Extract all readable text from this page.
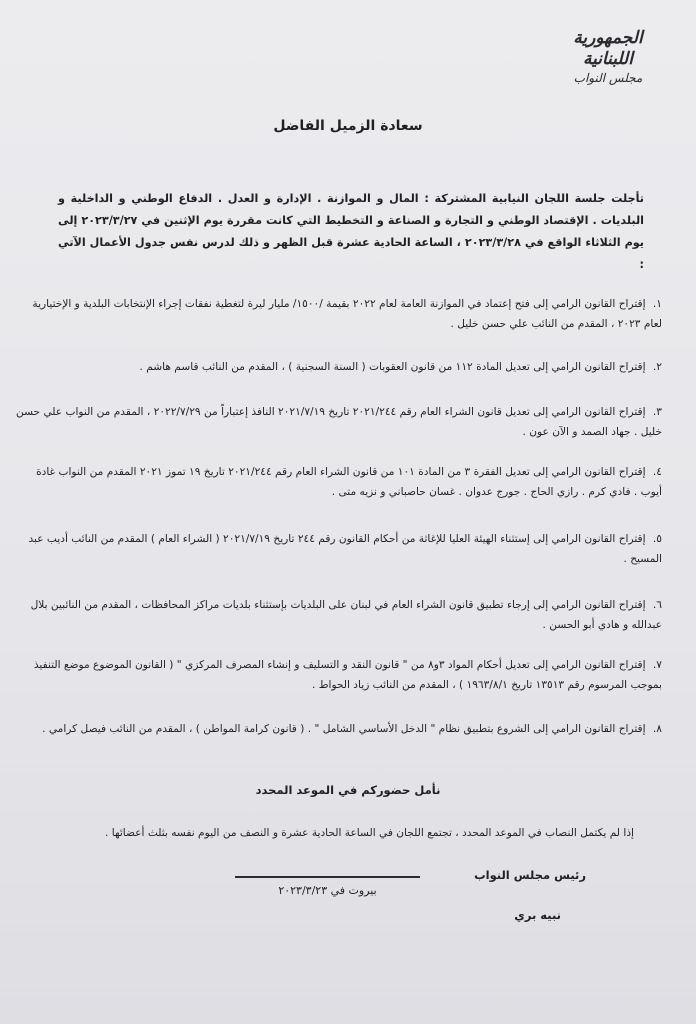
الجمهورية اللبنانية
مجلس النواب
سعادة الزميل الفاضل
تأجلت جلسة اللجان النيابية المشتركة : المال و الموازنة . الإدارة و العدل . الدفاع الوطني و الداخلية و البلديات . الإقتصاد الوطني و التجارة و الصناعة و التخطيط التي كانت مقررة يوم الإثنين في ٢٠٢٣/٣/٢٧ إلى يوم الثلاثاء الواقع في ٢٠٢٣/٣/٢٨ ، الساعة الحادية عشرة قبل الظهر و ذلك لدرس نفس جدول الأعمال الآتي :
١. إقتراح القانون الرامي إلى فتح إعتماد في الموازنة العامة لعام ٢٠٢٢ بقيمة /١٥٠٠/ مليار ليرة لتغطية نفقات إجراء الإنتخابات البلدية و الإختيارية لعام ٢٠٢٣ ، المقدم من النائب علي حسن خليل .
٢. إقتراح القانون الرامي إلى تعديل المادة ١١٢ من قانون العقوبات ( السنة السجنية ) ، المقدم من النائب قاسم هاشم .
٣. إقتراح القانون الرامي إلى تعديل قانون الشراء العام رقم ٢٠٢١/٢٤٤ تاريخ ٢٠٢١/٧/١٩ النافذ إعتباراً من ٢٠٢٢/٧/٢٩ ، المقدم من النواب علي حسن خليل . جهاد الصمد و الآن عون .
٤. إقتراح القانون الرامي إلى تعديل الفقرة ٣ من المادة ١٠١ من قانون الشراء العام رقم ٢٠٢١/٢٤٤ تاريخ ١٩ تموز ٢٠٢١ المقدم من النواب غادة أيوب . فادي كرم . رازي الحاج . جورج عدوان . غسان حاصباني و نزيه متى .
٥. إقتراح القانون الرامي إلى إستثناء الهيئة العليا للإغاثة من أحكام القانون رقم ٢٤٤ تاريخ ٢٠٢١/٧/١٩ ( الشراء العام ) المقدم من النائب أديب عبد المسيح .
٦. إقتراح القانون الرامي إلى إرجاء تطبيق قانون الشراء العام في لبنان على البلديات بإستثناء بلديات مراكز المحافظات ، المقدم من النائبين بلال عبدالله و هادي أبو الحسن .
٧. إقتراح القانون الرامي إلى تعديل أحكام المواد ٣و٨ من " قانون النقد و التسليف و إنشاء المصرف المركزي " ( القانون الموضوع موضع التنفيذ بموجب المرسوم رقم ١٣٥١٣ تاريخ ١٩٦٣/٨/١ ) ، المقدم من النائب زياد الحواط .
٨. إقتراح القانون الرامي إلى الشروع بتطبيق نظام " الدخل الأساسي الشامل " . ( قانون كرامة المواطن ) ، المقدم من النائب فيصل كرامي .
نأمل حضوركم في الموعد المحدد
إذا لم يكتمل النصاب في الموعد المحدد ، تجتمع اللجان في الساعة الحادية عشرة و النصف من اليوم نفسه بثلث أعضائها .
رئيس مجلس النواب
نبيه بري
بيروت في ٢٠٢٣/٣/٢٣
